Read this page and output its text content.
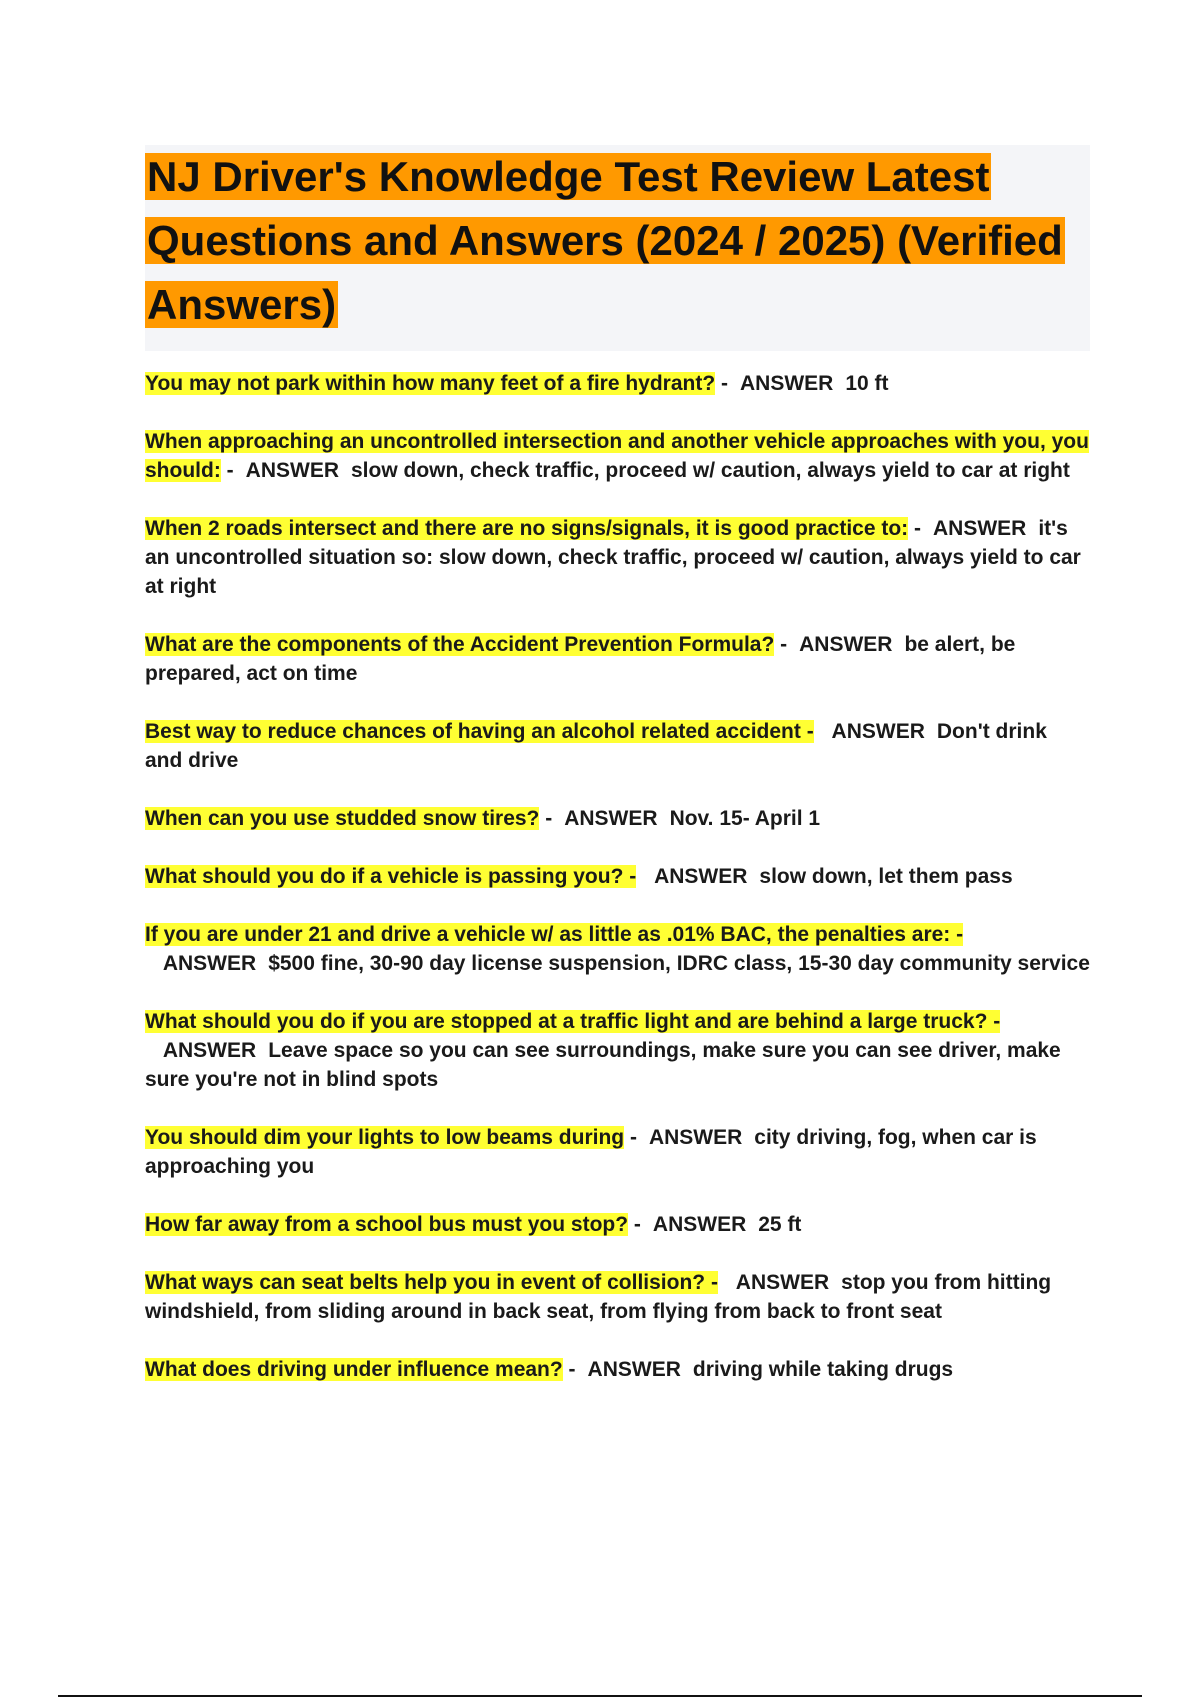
NJ Driver's Knowledge Test Review Latest Questions and Answers (2024 / 2025) (Verified Answers)

You may not park within how many feet of a fire hydrant? - ANSWER 10 ft

When approaching an uncontrolled intersection and another vehicle approaches with you, you should: - ANSWER slow down, check traffic, proceed w/ caution, always yield to car at right

When 2 roads intersect and there are no signs/signals, it is good practice to: - ANSWER it's an uncontrolled situation so: slow down, check traffic, proceed w/ caution, always yield to car at right

What are the components of the Accident Prevention Formula? - ANSWER be alert, be prepared, act on time

Best way to reduce chances of having an alcohol related accident - ANSWER Don't drink and drive

When can you use studded snow tires? - ANSWER Nov. 15- April 1

What should you do if a vehicle is passing you? - ANSWER slow down, let them pass

If you are under 21 and drive a vehicle w/ as little as .01% BAC, the penalties are: - ANSWER $500 fine, 30-90 day license suspension, IDRC class, 15-30 day community service

What should you do if you are stopped at a traffic light and are behind a large truck? - ANSWER Leave space so you can see surroundings, make sure you can see driver, make sure you're not in blind spots

You should dim your lights to low beams during - ANSWER city driving, fog, when car is approaching you

How far away from a school bus must you stop? - ANSWER 25 ft

What ways can seat belts help you in event of collision? - ANSWER stop you from hitting windshield, from sliding around in back seat, from flying from back to front seat

What does driving under influence mean? - ANSWER driving while taking drugs
